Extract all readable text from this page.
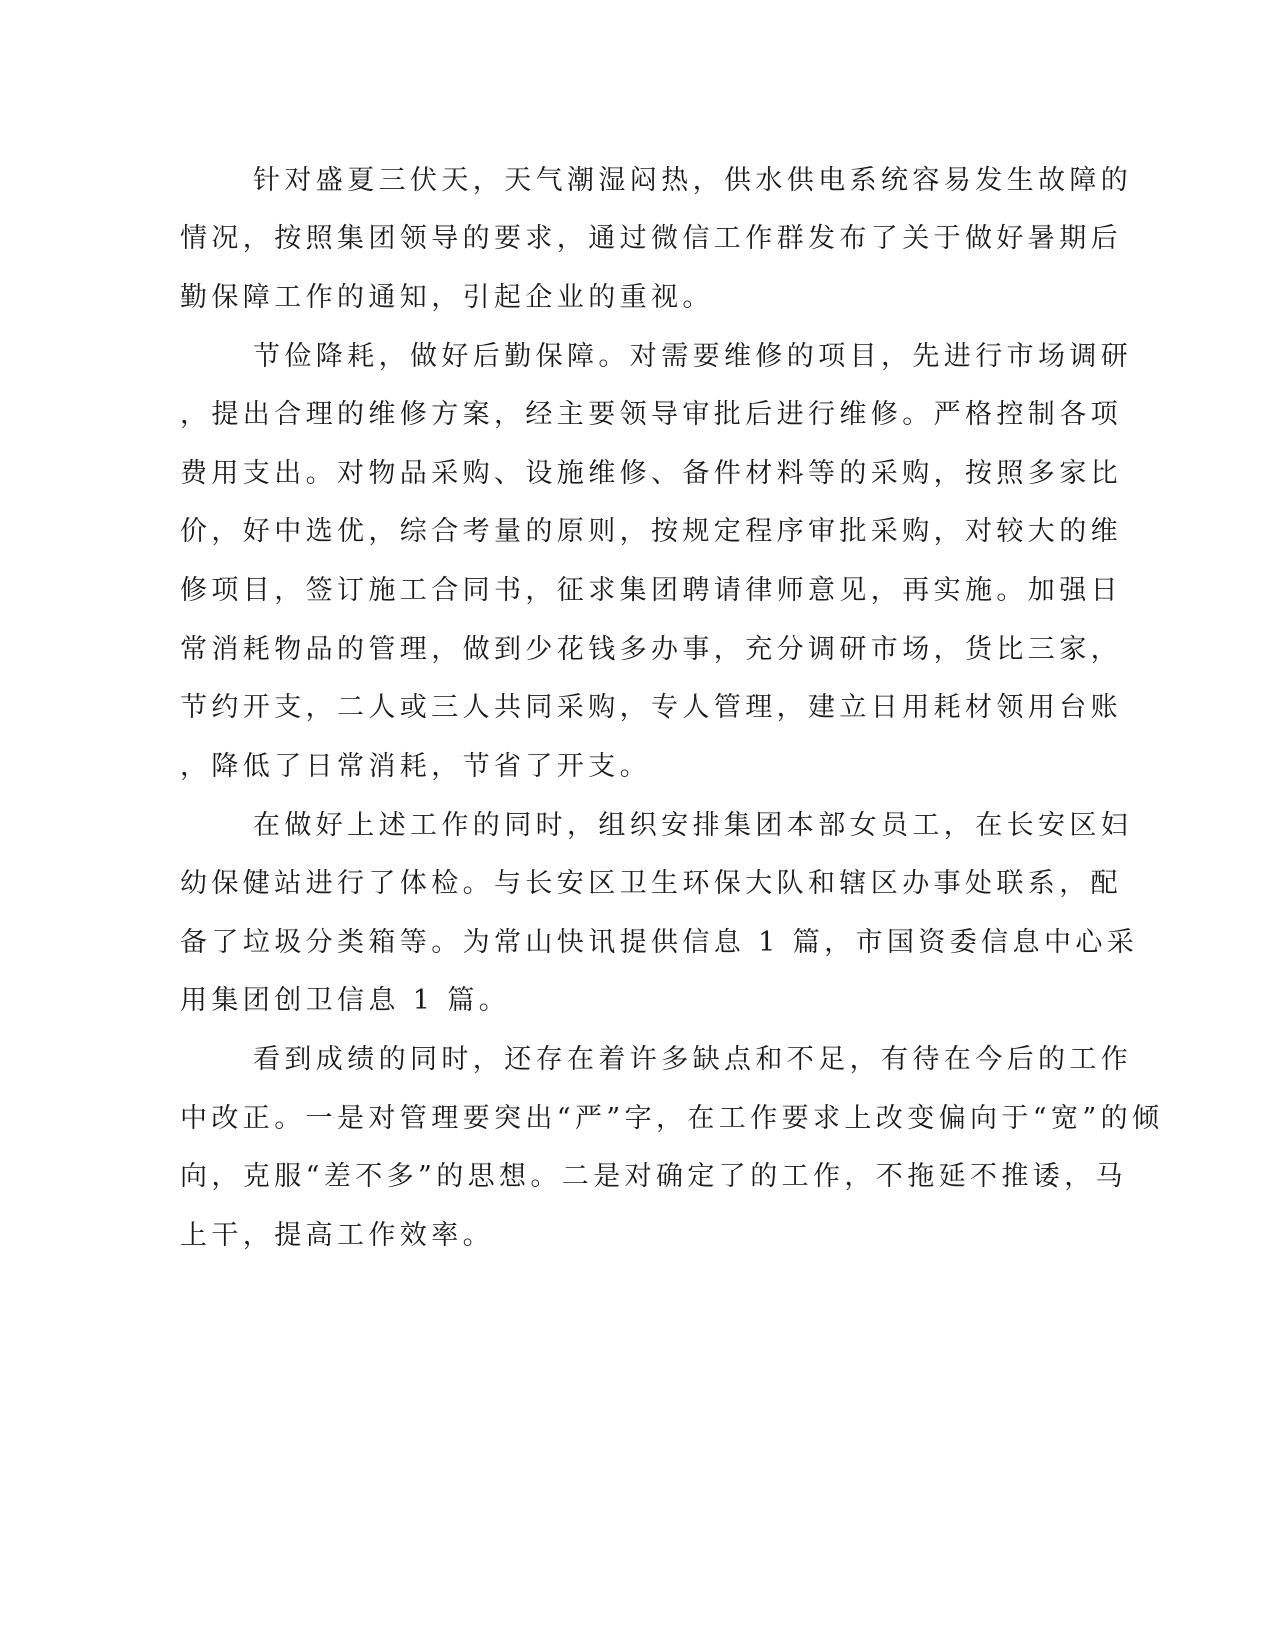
针对盛夏三伏天，天气潮湿闷热，供水供电系统容易发生故障的
情况，按照集团领导的要求，通过微信工作群发布了关于做好暑期后
勤保障工作的通知，引起企业的重视。
节俭降耗，做好后勤保障。对需要维修的项目，先进行市场调研
，提出合理的维修方案，经主要领导审批后进行维修。严格控制各项
费用支出。对物品采购、设施维修、备件材料等的采购，按照多家比
价，好中选优，综合考量的原则，按规定程序审批采购，对较大的维
修项目，签订施工合同书，征求集团聘请律师意见，再实施。加强日
常消耗物品的管理，做到少花钱多办事，充分调研市场，货比三家，
节约开支，二人或三人共同采购，专人管理，建立日用耗材领用台账
，降低了日常消耗，节省了开支。
在做好上述工作的同时，组织安排集团本部女员工，在长安区妇
幼保健站进行了体检。与长安区卫生环保大队和辖区办事处联系，配
备了垃圾分类箱等。为常山快讯提供信息 1 篇，市国资委信息中心采
用集团创卫信息 1 篇。
看到成绩的同时，还存在着许多缺点和不足，有待在今后的工作
中改正。一是对管理要突出“严”字，在工作要求上改变偏向于“宽”的倾
向，克服“差不多”的思想。二是对确定了的工作，不拖延不推诿，马
上干，提高工作效率。
